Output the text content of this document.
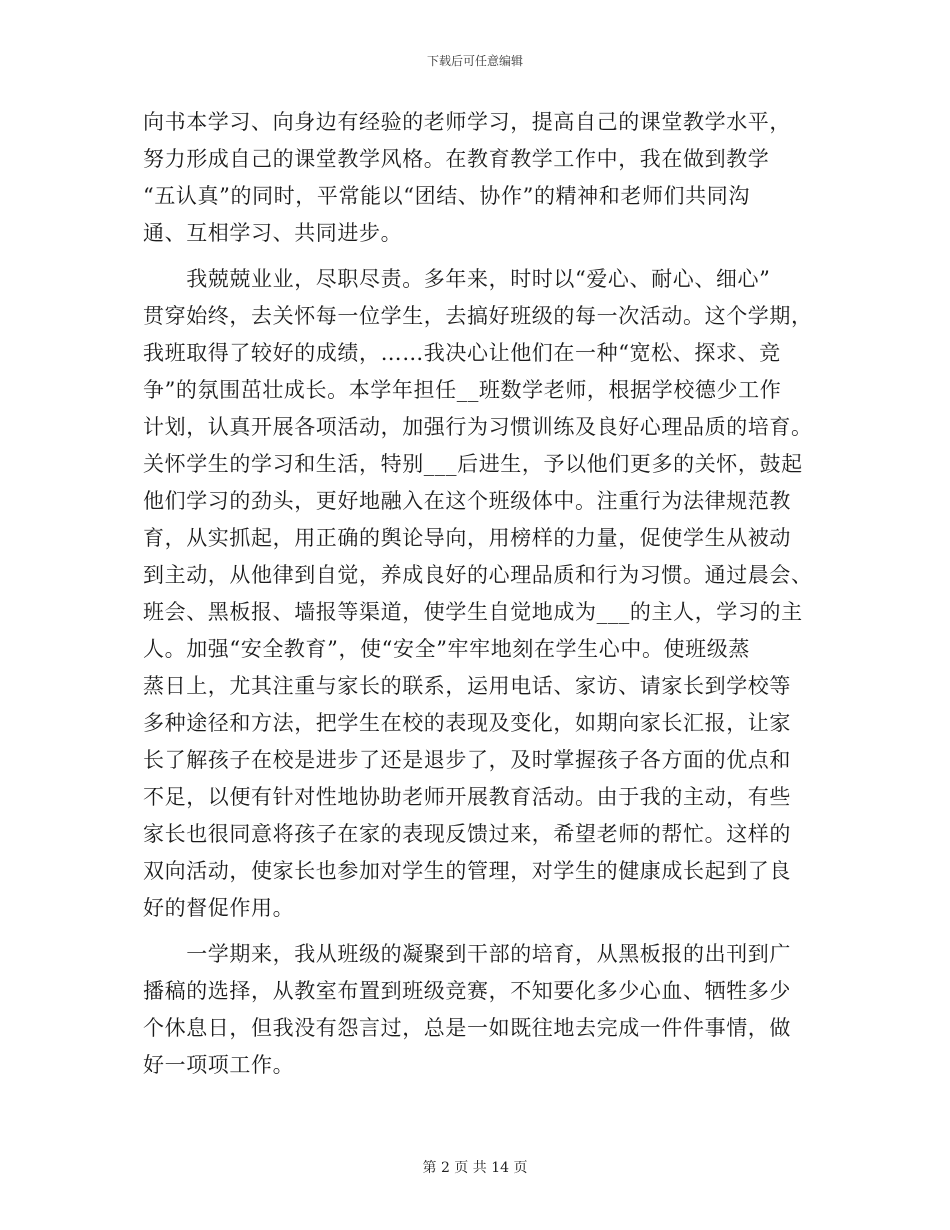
下载后可任意编辑
向书本学习、向身边有经验的老师学习，提高自己的课堂教学水平，
努力形成自己的课堂教学风格。在教育教学工作中，我在做到教学
“五认真”的同时，平常能以“团结、协作”的精神和老师们共同沟
通、互相学习、共同进步。
　　我兢兢业业，尽职尽责。多年来，时时以“爱心、耐心、细心”
贯穿始终，去关怀每一位学生，去搞好班级的每一次活动。这个学期，
我班取得了较好的成绩，……我决心让他们在一种“宽松、探求、竞
争”的氛围茁壮成长。本学年担任__班数学老师，根据学校德少工作
计划，认真开展各项活动，加强行为习惯训练及良好心理品质的培育。
关怀学生的学习和生活，特别___后进生，予以他们更多的关怀，鼓起
他们学习的劲头，更好地融入在这个班级体中。注重行为法律规范教
育，从实抓起，用正确的舆论导向，用榜样的力量，促使学生从被动
到主动，从他律到自觉，养成良好的心理品质和行为习惯。通过晨会、
班会、黑板报、墙报等渠道，使学生自觉地成为___的主人，学习的主
人。加强“安全教育”，使“安全”牢牢地刻在学生心中。使班级蒸
蒸日上，尤其注重与家长的联系，运用电话、家访、请家长到学校等
多种途径和方法，把学生在校的表现及变化，如期向家长汇报，让家
长了解孩子在校是进步了还是退步了，及时掌握孩子各方面的优点和
不足，以便有针对性地协助老师开展教育活动。由于我的主动，有些
家长也很同意将孩子在家的表现反馈过来，希望老师的帮忙。这样的
双向活动，使家长也参加对学生的管理，对学生的健康成长起到了良
好的督促作用。
　　一学期来，我从班级的凝聚到干部的培育，从黑板报的出刊到广
播稿的选择，从教室布置到班级竞赛，不知要化多少心血、牺牲多少
个休息日，但我没有怨言过，总是一如既往地去完成一件件事情，做
好一项项工作。
第 2 页 共 14 页
